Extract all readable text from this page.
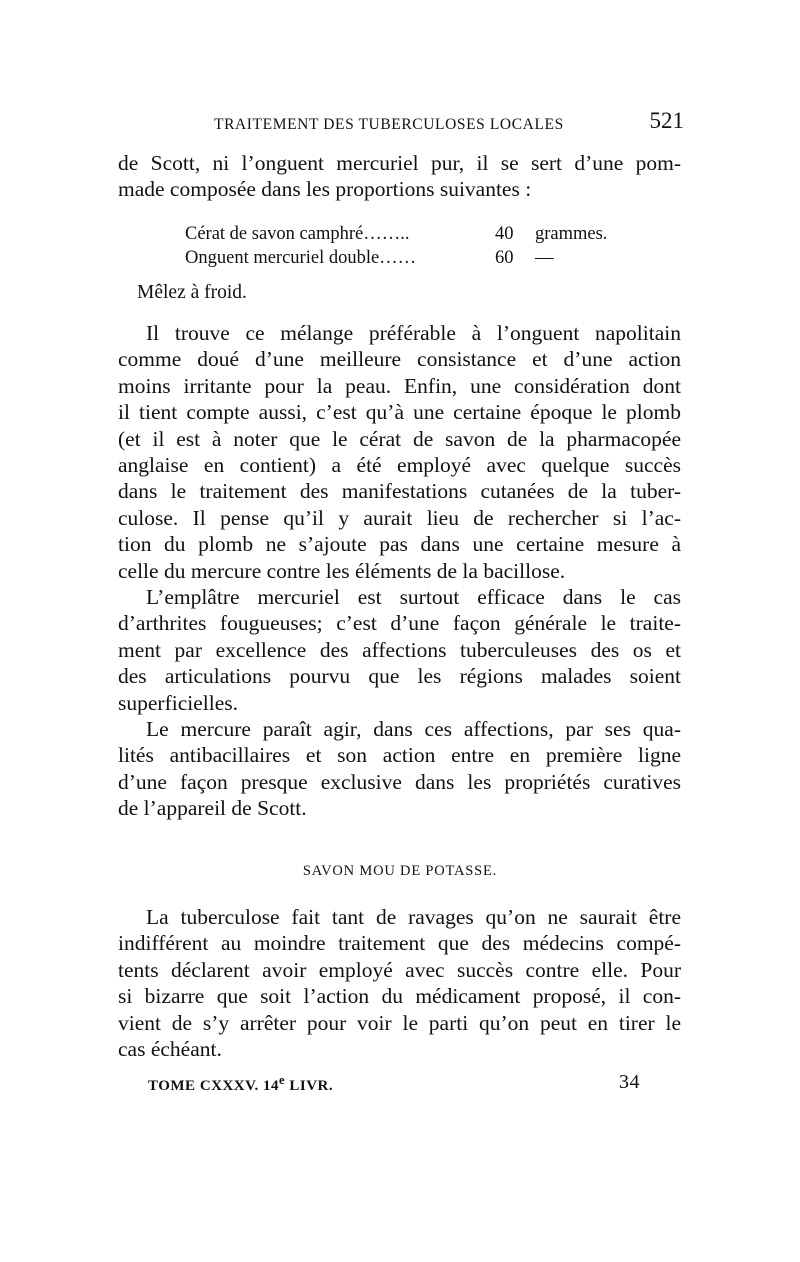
TRAITEMENT DES TUBERCULOSES LOCALES	521
de Scott, ni l’onguent mercuriel pur, il se sert d’une pom-
made composée dans les proportions suivantes :
Cérat de savon camphré……..	40 grammes.
Onguent mercuriel double……	60 —
Mêlez à froid.
Il trouve ce mélange préférable à l’onguent napolitain
comme doué d’une meilleure consistance et d’une action
moins irritante pour la peau. Enfin, une considération dont
il tient compte aussi, c’est qu’à une certaine époque le plomb
(et il est à noter que le cérat de savon de la pharmacopée
anglaise en contient) a été employé avec quelque succès
dans le traitement des manifestations cutanées de la tuber-
culose. Il pense qu’il y aurait lieu de rechercher si l’ac-
tion du plomb ne s’ajoute pas dans une certaine mesure à
celle du mercure contre les éléments de la bacillose.
L’emplâtre mercuriel est surtout efficace dans le cas
d’arthrites fougueuses; c’est d’une façon générale le traite-
ment par excellence des affections tuberculeuses des os et
des articulations pourvu que les régions malades soient
superficielles.
Le mercure paraît agir, dans ces affections, par ses qua-
lités antibacillaires et son action entre en première ligne
d’une façon presque exclusive dans les propriétés curatives
de l’appareil de Scott.
SAVON MOU DE POTASSE.
La tuberculose fait tant de ravages qu’on ne saurait être
indifférent au moindre traitement que des médecins compé-
tents déclarent avoir employé avec succès contre elle. Pour
si bizarre que soit l’action du médicament proposé, il con-
vient de s’y arrêter pour voir le parti qu’on peut en tirer le
cas échéant.
TOME CXXXV. 14e LIVR.	34
